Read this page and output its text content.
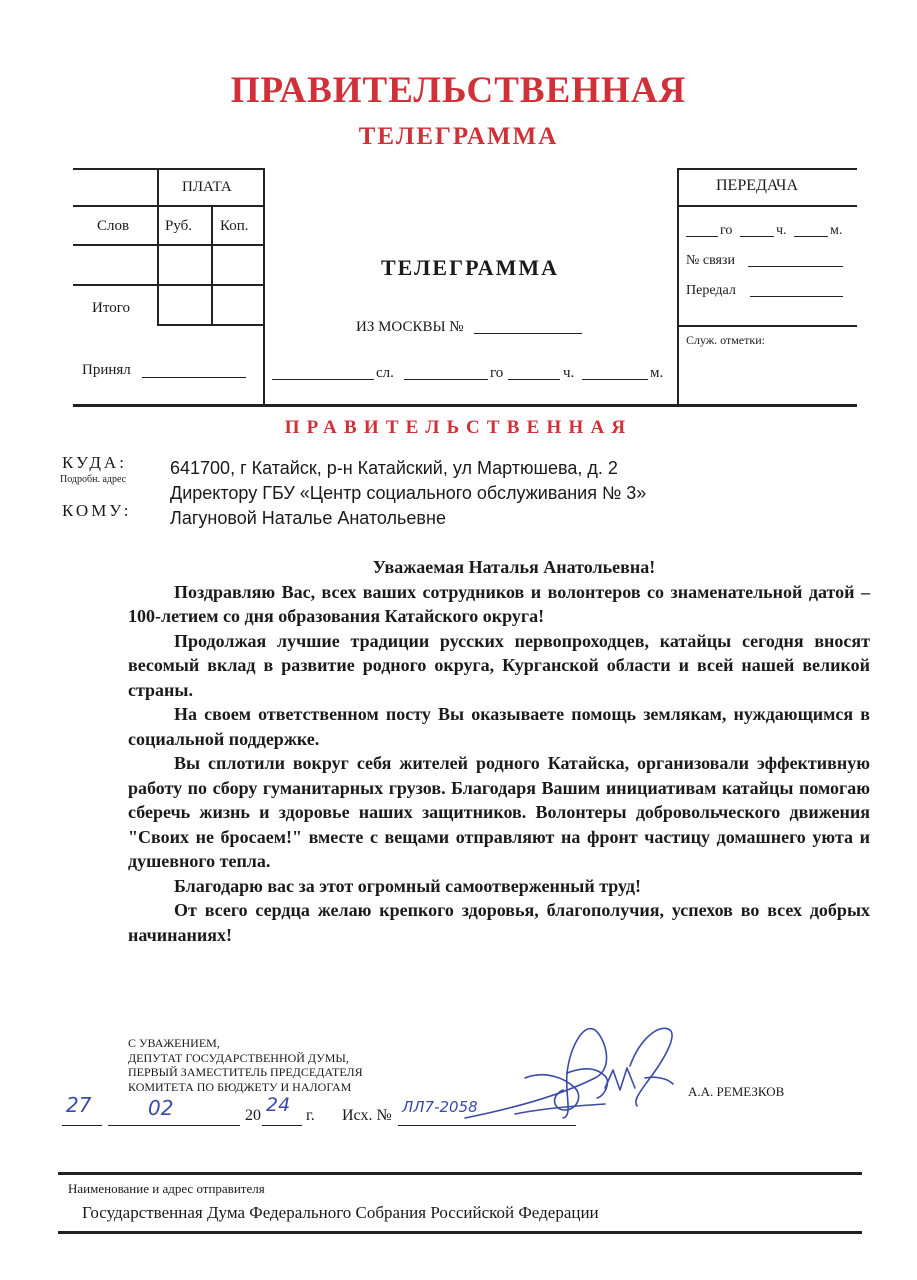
ПРАВИТЕЛЬСТВЕННАЯ
ТЕЛЕГРАММА
ПЛАТА
Слов Руб. Коп.
Итого
Принял
ТЕЛЕГРАММА
ИЗ МОСКВЫ №
сл.	го	ч.	м.
ПЕРЕДАЧА
го	ч.	м.
№ связи
Передал
Служ. отметки:
ПРАВИТЕЛЬСТВЕННАЯ
КУДА:
Подробн. адрес
КОМУ:
641700, г Катайск, р-н Катайский, ул Мартюшева, д. 2
Директору ГБУ «Центр социального обслуживания № 3»
Лагуновой Наталье Анатольевне
Уважаемая Наталья Анатольевна!

Поздравляю Вас, всех ваших сотрудников и волонтеров со знаменательной датой –100-летием со дня образования Катайского округа!

Продолжая лучшие традиции русских первопроходцев, катайцы сегодня вносят весомый вклад в развитие родного округа, Курганской области и всей нашей великой страны.

На своем ответственном посту Вы оказываете помощь землякам, нуждающимся в социальной поддержке.

Вы сплотили вокруг себя жителей родного Катайска, организовали эффективную работу по сбору гуманитарных грузов. Благодаря Вашим инициативам катайцы помогаю сберечь жизнь и здоровье наших защитников. Волонтеры добровольческого движения "Своих не бросаем!" вместе с вещами отправляют на фронт частицу домашнего уюта и душевного тепла.

Благодарю вас за этот огромный самоотверженный труд!

От всего сердца желаю крепкого здоровья, благополучия, успехов во всех добрых начинаниях!

С УВАЖЕНИЕМ,
ДЕПУТАТ ГОСУДАРСТВЕННОЙ ДУМЫ,
ПЕРВЫЙ ЗАМЕСТИТЕЛЬ ПРЕДСЕДАТЕЛЯ
КОМИТЕТА ПО БЮДЖЕТУ И НАЛОГАМ	А.А. РЕМЕЗКОВ
27	02	20 24 г. Исх. № ЛЛ7-2058
Наименование и адрес отправителя
Государственная Дума Федерального Собрания Российской Федерации
